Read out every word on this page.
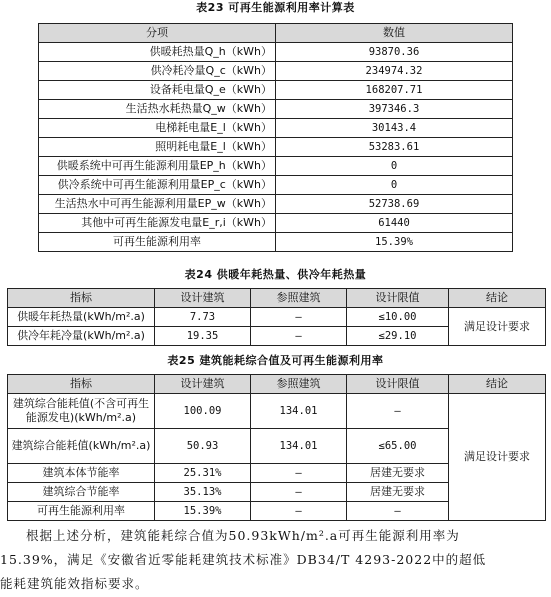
表23 可再生能源利用率计算表
分项	数值
供暖耗热量Q_h（kWh）	93870.36
供冷耗冷量Q_c（kWh）	234974.32
设备耗电量Q_e（kWh）	168207.71
生活热水耗热量Q_w（kWh）	397346.3
电梯耗电量E_l（kWh）	30143.4
照明耗电量E_l（kWh）	53283.61
供暖系统中可再生能源利用量EP_h（kWh）	0
供冷系统中可再生能源利用量EP_c（kWh）	0
生活热水中可再生能源利用量EP_w（kWh）	52738.69
其他中可再生能源发电量E_r,i（kWh）	61440
可再生能源利用率	15.39%
表24 供暖年耗热量、供冷年耗热量
指标	设计建筑	参照建筑	设计限值	结论
供暖年耗热量(kWh/m².a)	7.73	—	≤10.00	满足设计要求
供冷年耗冷量(kWh/m².a)	19.35	—	≤29.10	
表25 建筑能耗综合值及可再生能源利用率
指标	设计建筑	参照建筑	设计限值	结论
建筑综合能耗值(不含可再生能源发电)(kWh/m².a)	100.09	134.01	—	满足设计要求
建筑综合能耗值(kWh/m².a)	50.93	134.01	≤65.00	
建筑本体节能率	25.31%	—	居建无要求	
建筑综合节能率	35.13%	—	居建无要求	
可再生能源利用率	15.39%	—	—	
根据上述分析，建筑能耗综合值为50.93kWh/m².a可再生能源利用率为
15.39%，满足《安徽省近零能耗建筑技术标准》DB34/T 4293-2022中的超低
能耗建筑能效指标要求。
